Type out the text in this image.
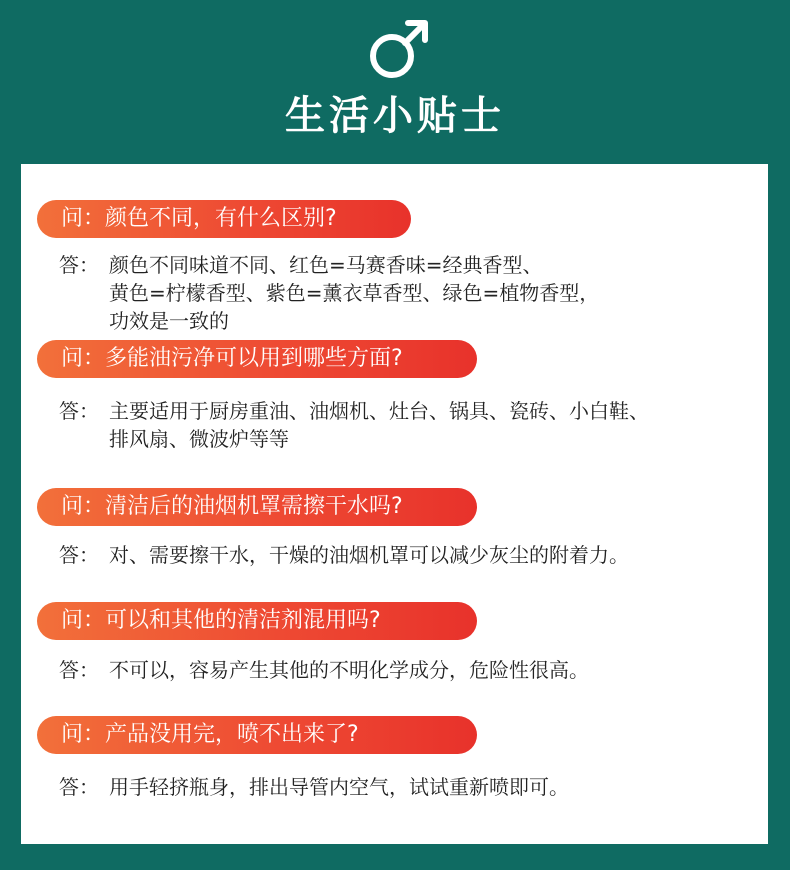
生活小贴士
问：颜色不同，有什么区别?
答： 颜色不同味道不同、红色=马赛香味=经典香型、
黄色=柠檬香型、紫色=薰衣草香型、绿色=植物香型，
功效是一致的
问：多能油污净可以用到哪些方面?
答： 主要适用于厨房重油、油烟机、灶台、锅具、瓷砖、小白鞋、
排风扇、微波炉等等
问：清洁后的油烟机罩需擦干水吗?
答： 对、需要擦干水，干燥的油烟机罩可以减少灰尘的附着力。
问：可以和其他的清洁剂混用吗?
答： 不可以，容易产生其他的不明化学成分，危险性很高。
问：产品没用完，喷不出来了?
答： 用手轻挤瓶身，排出导管内空气，试试重新喷即可。
